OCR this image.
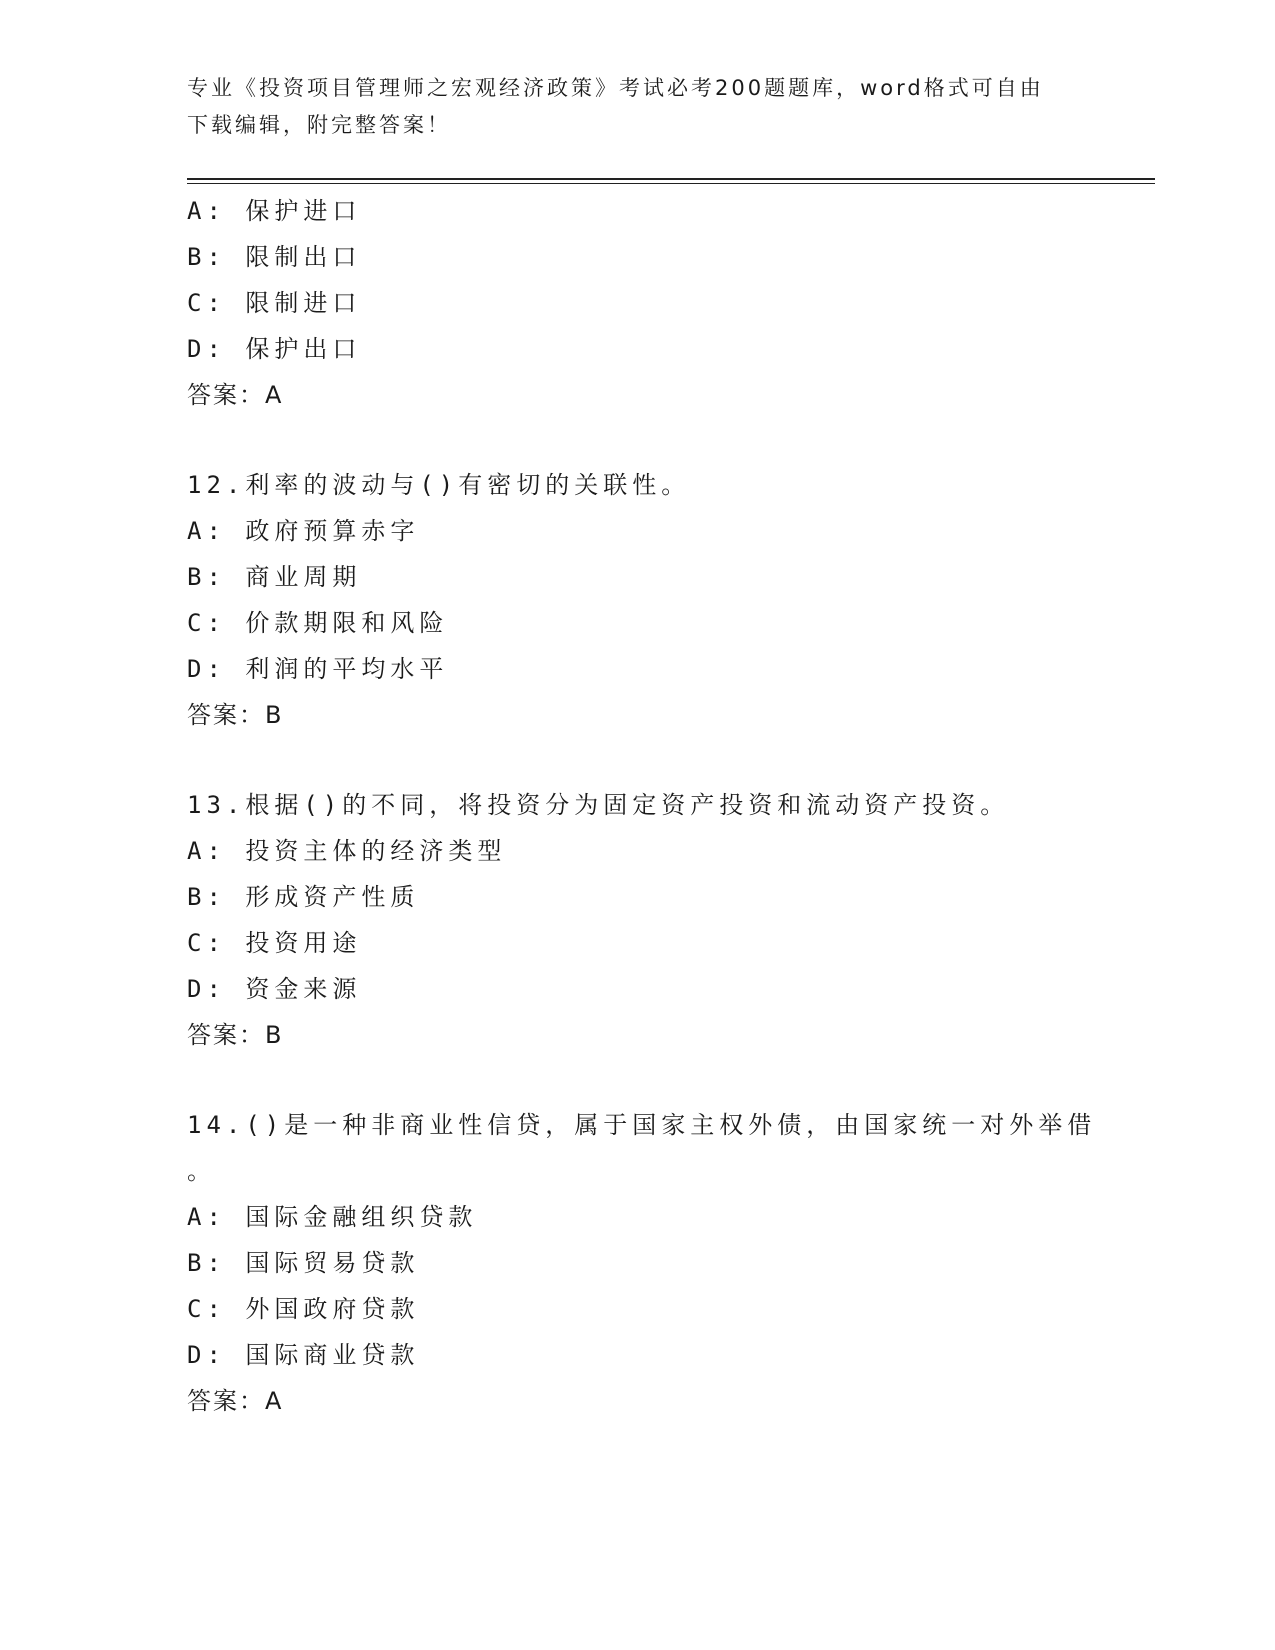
专业《投资项目管理师之宏观经济政策》考试必考200题题库，word格式可自由
下载编辑，附完整答案！
A: 保护进口
B: 限制出口
C: 限制进口
D: 保护出口
答案：A
12.利率的波动与()有密切的关联性。
A: 政府预算赤字
B: 商业周期
C: 价款期限和风险
D: 利润的平均水平
答案：B
13.根据()的不同，将投资分为固定资产投资和流动资产投资。
A: 投资主体的经济类型
B: 形成资产性质
C: 投资用途
D: 资金来源
答案：B
14.()是一种非商业性信贷，属于国家主权外债，由国家统一对外举借
。
A: 国际金融组织贷款
B: 国际贸易贷款
C: 外国政府贷款
D: 国际商业贷款
答案：A
